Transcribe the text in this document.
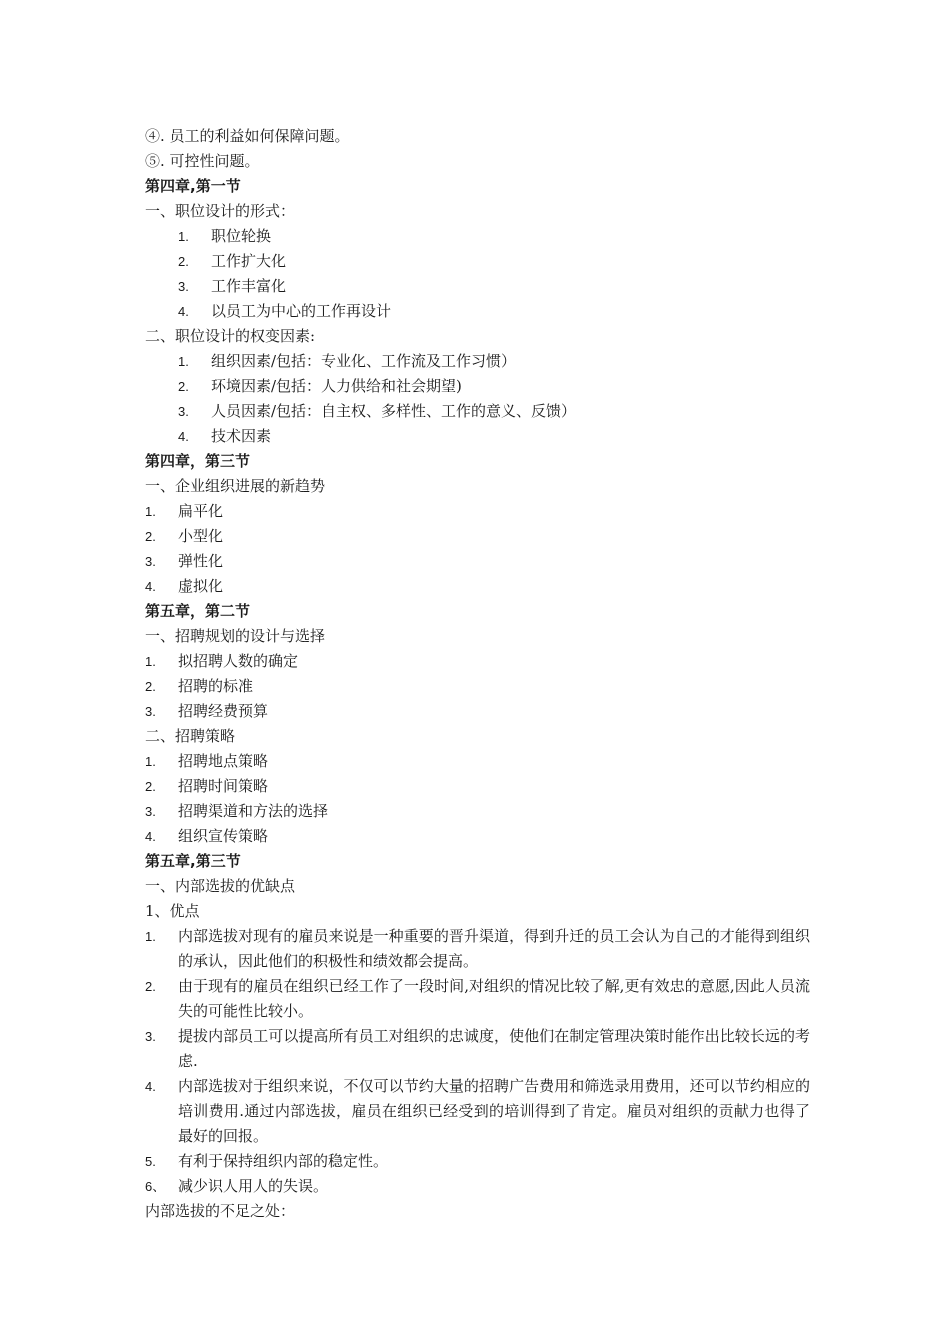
④. 员工的利益如何保障问题。
⑤. 可控性问题。
第四章,第一节
一、职位设计的形式：
1. 职位轮换
2. 工作扩大化
3. 工作丰富化
4. 以员工为中心的工作再设计
二、职位设计的权变因素:
1. 组织因素/包括：专业化、工作流及工作习惯）
2. 环境因素/包括：人力供给和社会期望)
3. 人员因素/包括：自主权、多样性、工作的意义、反馈）
4. 技术因素
第四章，第三节
一、企业组织进展的新趋势
1. 扁平化
2. 小型化
3. 弹性化
4. 虚拟化
第五章，第二节
一、招聘规划的设计与选择
1. 拟招聘人数的确定
2. 招聘的标准
3. 招聘经费预算
二、招聘策略
1. 招聘地点策略
2. 招聘时间策略
3. 招聘渠道和方法的选择
4. 组织宣传策略
第五章,第三节
一、内部选拔的优缺点
1、优点
1. 内部选拔对现有的雇员来说是一种重要的晋升渠道，得到升迁的员工会认为自己的才能得到组织的承认，因此他们的积极性和绩效都会提高。
2. 由于现有的雇员在组织已经工作了一段时间,对组织的情况比较了解,更有效忠的意愿,因此人员流失的可能性比较小。
3. 提拔内部员工可以提高所有员工对组织的忠诚度，使他们在制定管理决策时能作出比较长远的考虑.
4. 内部选拔对于组织来说，不仅可以节约大量的招聘广告费用和筛选录用费用，还可以节约相应的培训费用.通过内部选拔，雇员在组织已经受到的培训得到了肯定。雇员对组织的贡献力也得了最好的回报。
5. 有利于保持组织内部的稳定性。
6、 减少识人用人的失误。
内部选拔的不足之处：
